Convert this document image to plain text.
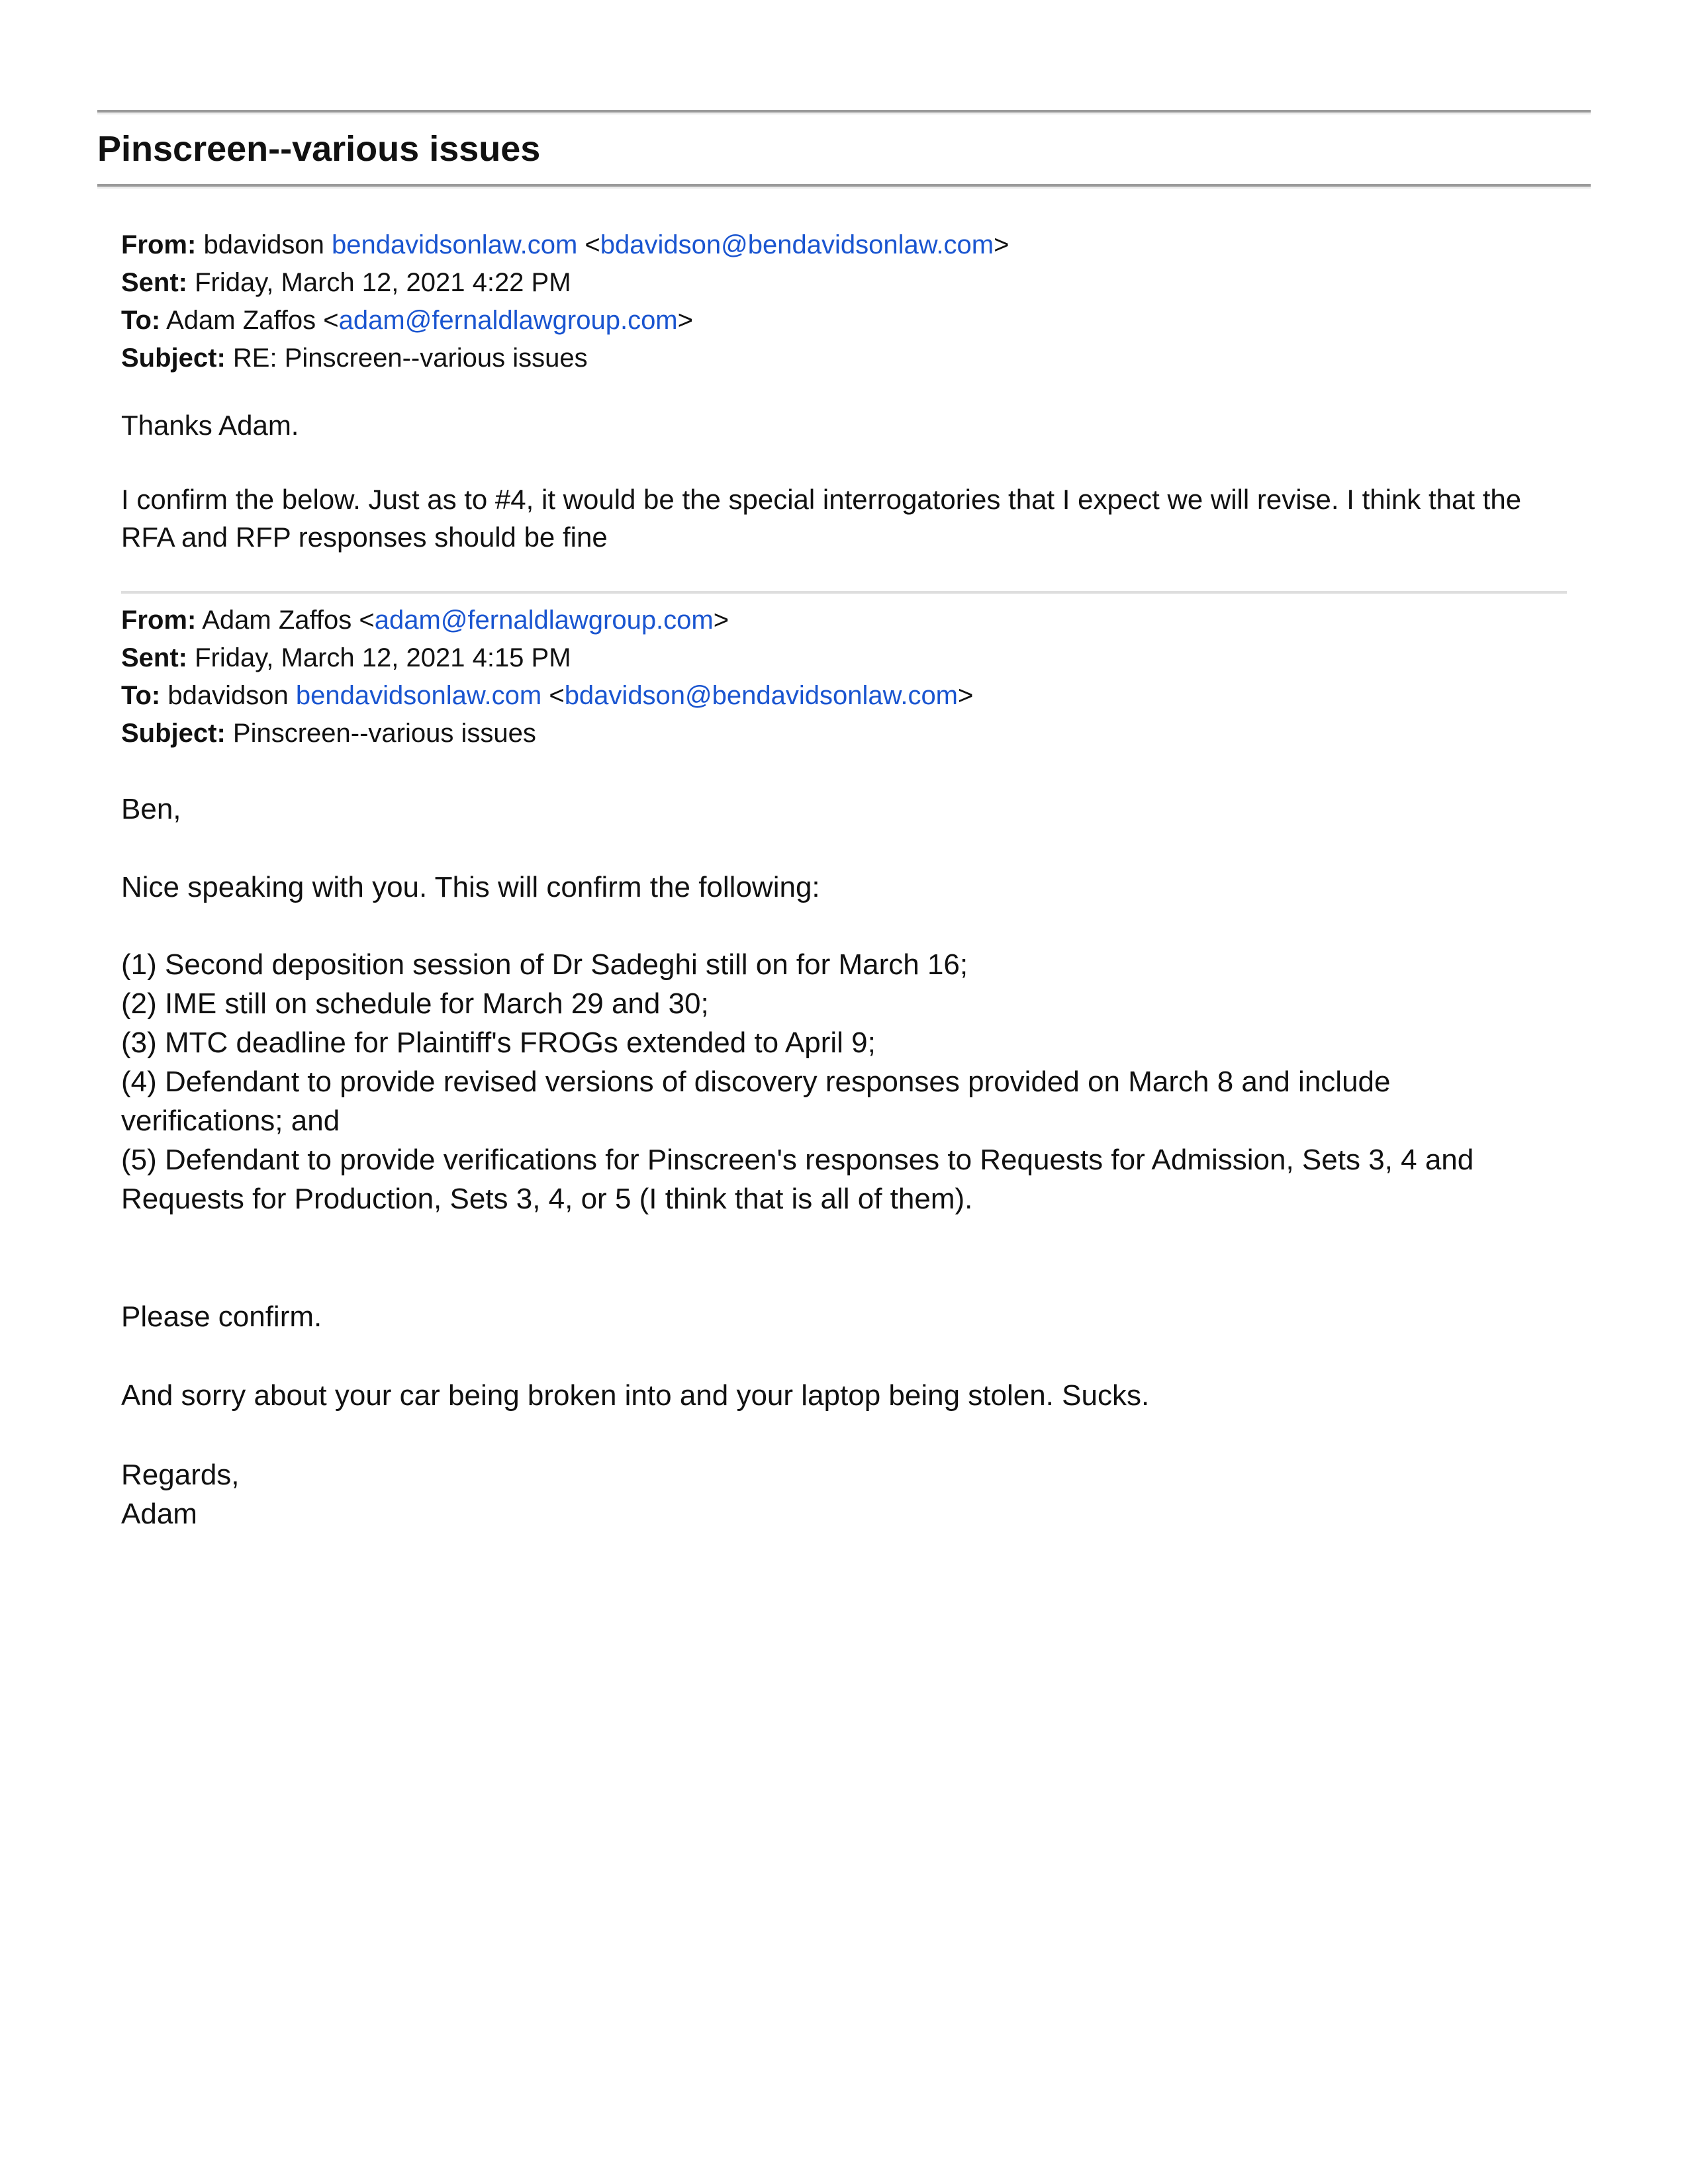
Pinscreen--various issues
From: bdavidson bendavidsonlaw.com <bdavidson@bendavidsonlaw.com>
Sent: Friday, March 12, 2021 4:22 PM
To: Adam Zaffos <adam@fernaldlawgroup.com>
Subject: RE: Pinscreen--various issues
Thanks Adam.
I confirm the below. Just as to #4, it would be the special interrogatories that I expect we will revise. I think that the
RFA and RFP responses should be fine
From: Adam Zaffos <adam@fernaldlawgroup.com>
Sent: Friday, March 12, 2021 4:15 PM
To: bdavidson bendavidsonlaw.com <bdavidson@bendavidsonlaw.com>
Subject: Pinscreen--various issues
Ben,
Nice speaking with you. This will confirm the following:
(1) Second deposition session of Dr Sadeghi still on for March 16;
(2) IME still on schedule for March 29 and 30;
(3) MTC deadline for Plaintiff's FROGs extended to April 9;
(4) Defendant to provide revised versions of discovery responses provided on March 8 and include
verifications; and
(5) Defendant to provide verifications for Pinscreen's responses to Requests for Admission, Sets 3, 4 and
Requests for Production, Sets 3, 4, or 5 (I think that is all of them).
Please confirm.
And sorry about your car being broken into and your laptop being stolen. Sucks.
Regards,
Adam
